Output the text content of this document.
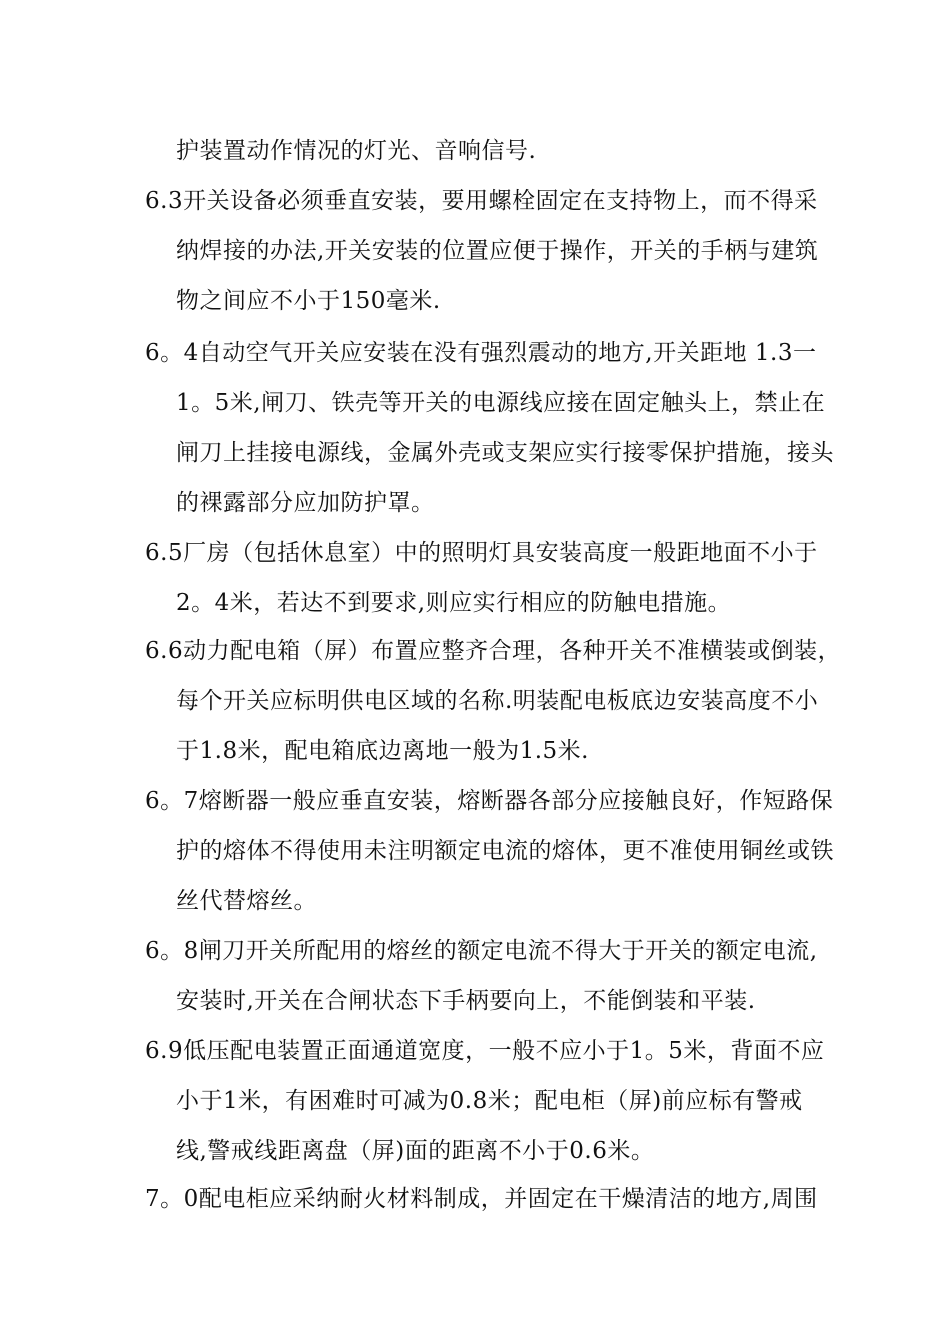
护装置动作情况的灯光、音响信号.
6.3开关设备必须垂直安装，要用螺栓固定在支持物上，而不得采
纳焊接的办法,开关安装的位置应便于操作，开关的手柄与建筑
物之间应不小于150毫米.
6。4自动空气开关应安装在没有强烈震动的地方,开关距地 1.3一
1。5米,闸刀、铁壳等开关的电源线应接在固定触头上，禁止在
闸刀上挂接电源线，金属外壳或支架应实行接零保护措施，接头
的裸露部分应加防护罩。
6.5厂房（包括休息室）中的照明灯具安装高度一般距地面不小于
2。4米，若达不到要求,则应实行相应的防触电措施。
6.6动力配电箱（屏）布置应整齐合理，各种开关不准横装或倒装，
每个开关应标明供电区域的名称.明装配电板底边安装高度不小
于1.8米，配电箱底边离地一般为1.5米.
6。7熔断器一般应垂直安装，熔断器各部分应接触良好，作短路保
护的熔体不得使用未注明额定电流的熔体，更不准使用铜丝或铁
丝代替熔丝。
6。8闸刀开关所配用的熔丝的额定电流不得大于开关的额定电流,
安装时,开关在合闸状态下手柄要向上，不能倒装和平装.
6.9低压配电装置正面通道宽度，一般不应小于1。5米，背面不应
小于1米，有困难时可减为0.8米；配电柜（屏)前应标有警戒
线,警戒线距离盘（屏)面的距离不小于0.6米。
7。0配电柜应采纳耐火材料制成，并固定在干燥清洁的地方,周围
